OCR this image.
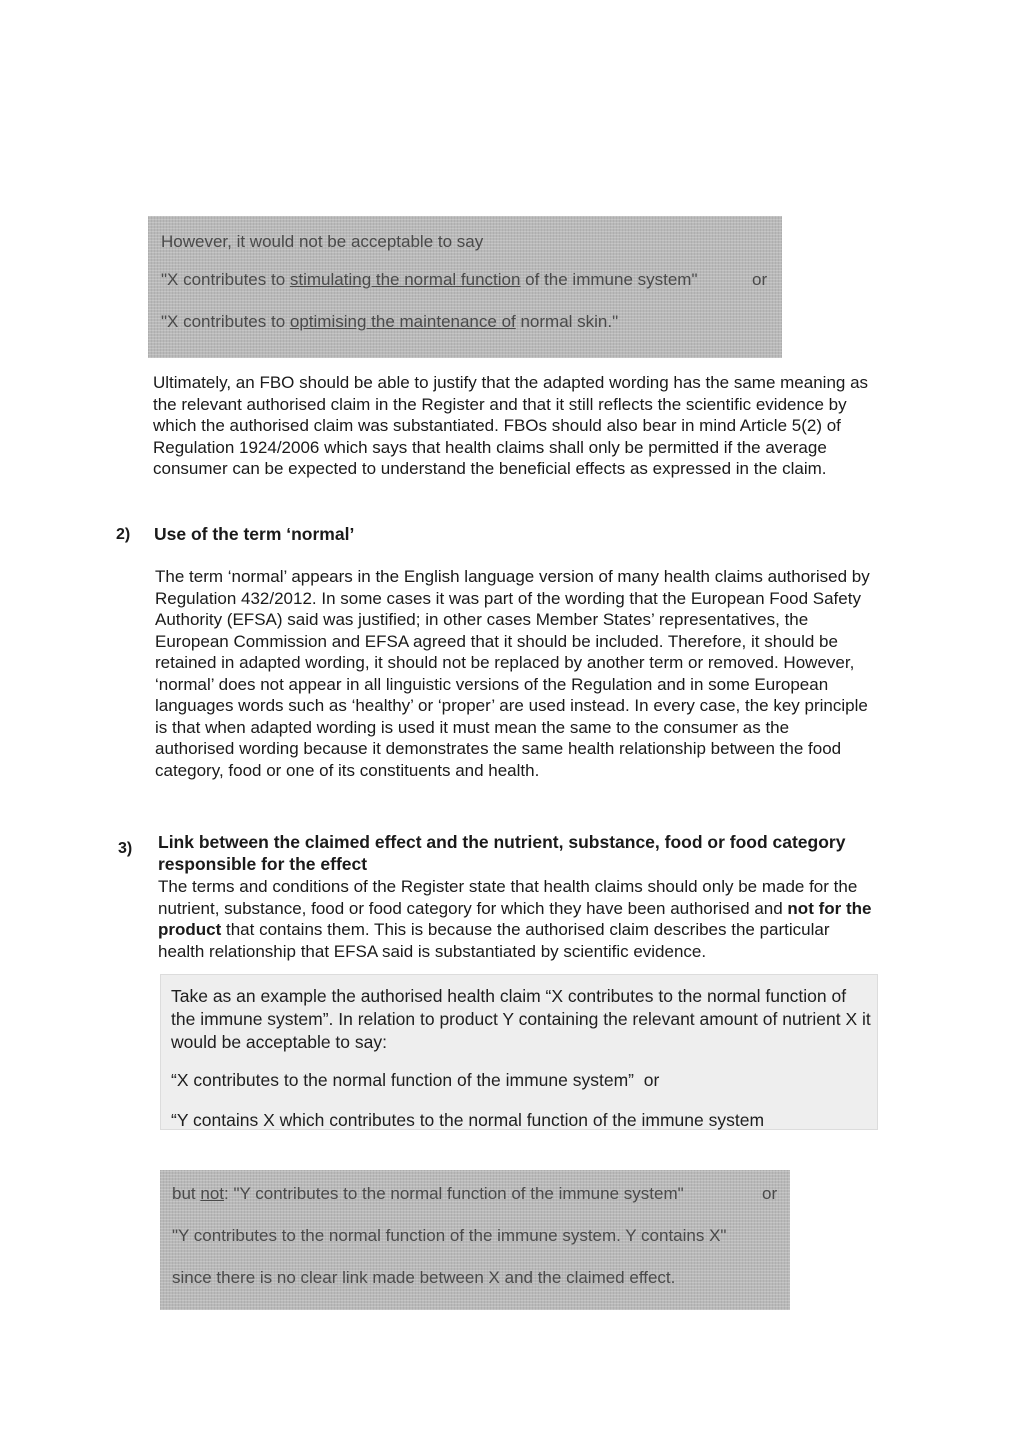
However, it would not be acceptable to say
"X contributes to stimulating the normal function of the immune system"	or
"X contributes to optimising the maintenance of normal skin."

Ultimately, an FBO should be able to justify that the adapted wording has the same meaning as the relevant authorised claim in the Register and that it still reflects the scientific evidence by which the authorised claim was substantiated. FBOs should also bear in mind Article 5(2) of Regulation 1924/2006 which says that health claims shall only be permitted if the average consumer can be expected to understand the beneficial effects as expressed in the claim.

2) Use of the term ‘normal’

The term ‘normal’ appears in the English language version of many health claims authorised by Regulation 432/2012. In some cases it was part of the wording that the European Food Safety Authority (EFSA) said was justified; in other cases Member States’ representatives, the European Commission and EFSA agreed that it should be included. Therefore, it should be retained in adapted wording, it should not be replaced by another term or removed. However, ‘normal’ does not appear in all linguistic versions of the Regulation and in some European languages words such as ‘healthy’ or ‘proper’ are used instead. In every case, the key principle is that when adapted wording is used it must mean the same to the consumer as the authorised wording because it demonstrates the same health relationship between the food category, food or one of its constituents and health.

3) Link between the claimed effect and the nutrient, substance, food or food category responsible for the effect

The terms and conditions of the Register state that health claims should only be made for the nutrient, substance, food or food category for which they have been authorised and not for the product that contains them. This is because the authorised claim describes the particular health relationship that EFSA said is substantiated by scientific evidence.

Take as an example the authorised health claim “X contributes to the normal function of the immune system”. In relation to product Y containing the relevant amount of nutrient X it would be acceptable to say:
“X contributes to the normal function of the immune system”  or
“Y contains X which contributes to the normal function of the immune system
but not: "Y contributes to the normal function of the immune system"	or
"Y contributes to the normal function of the immune system. Y contains X"
since there is no clear link made between X and the claimed effect.
